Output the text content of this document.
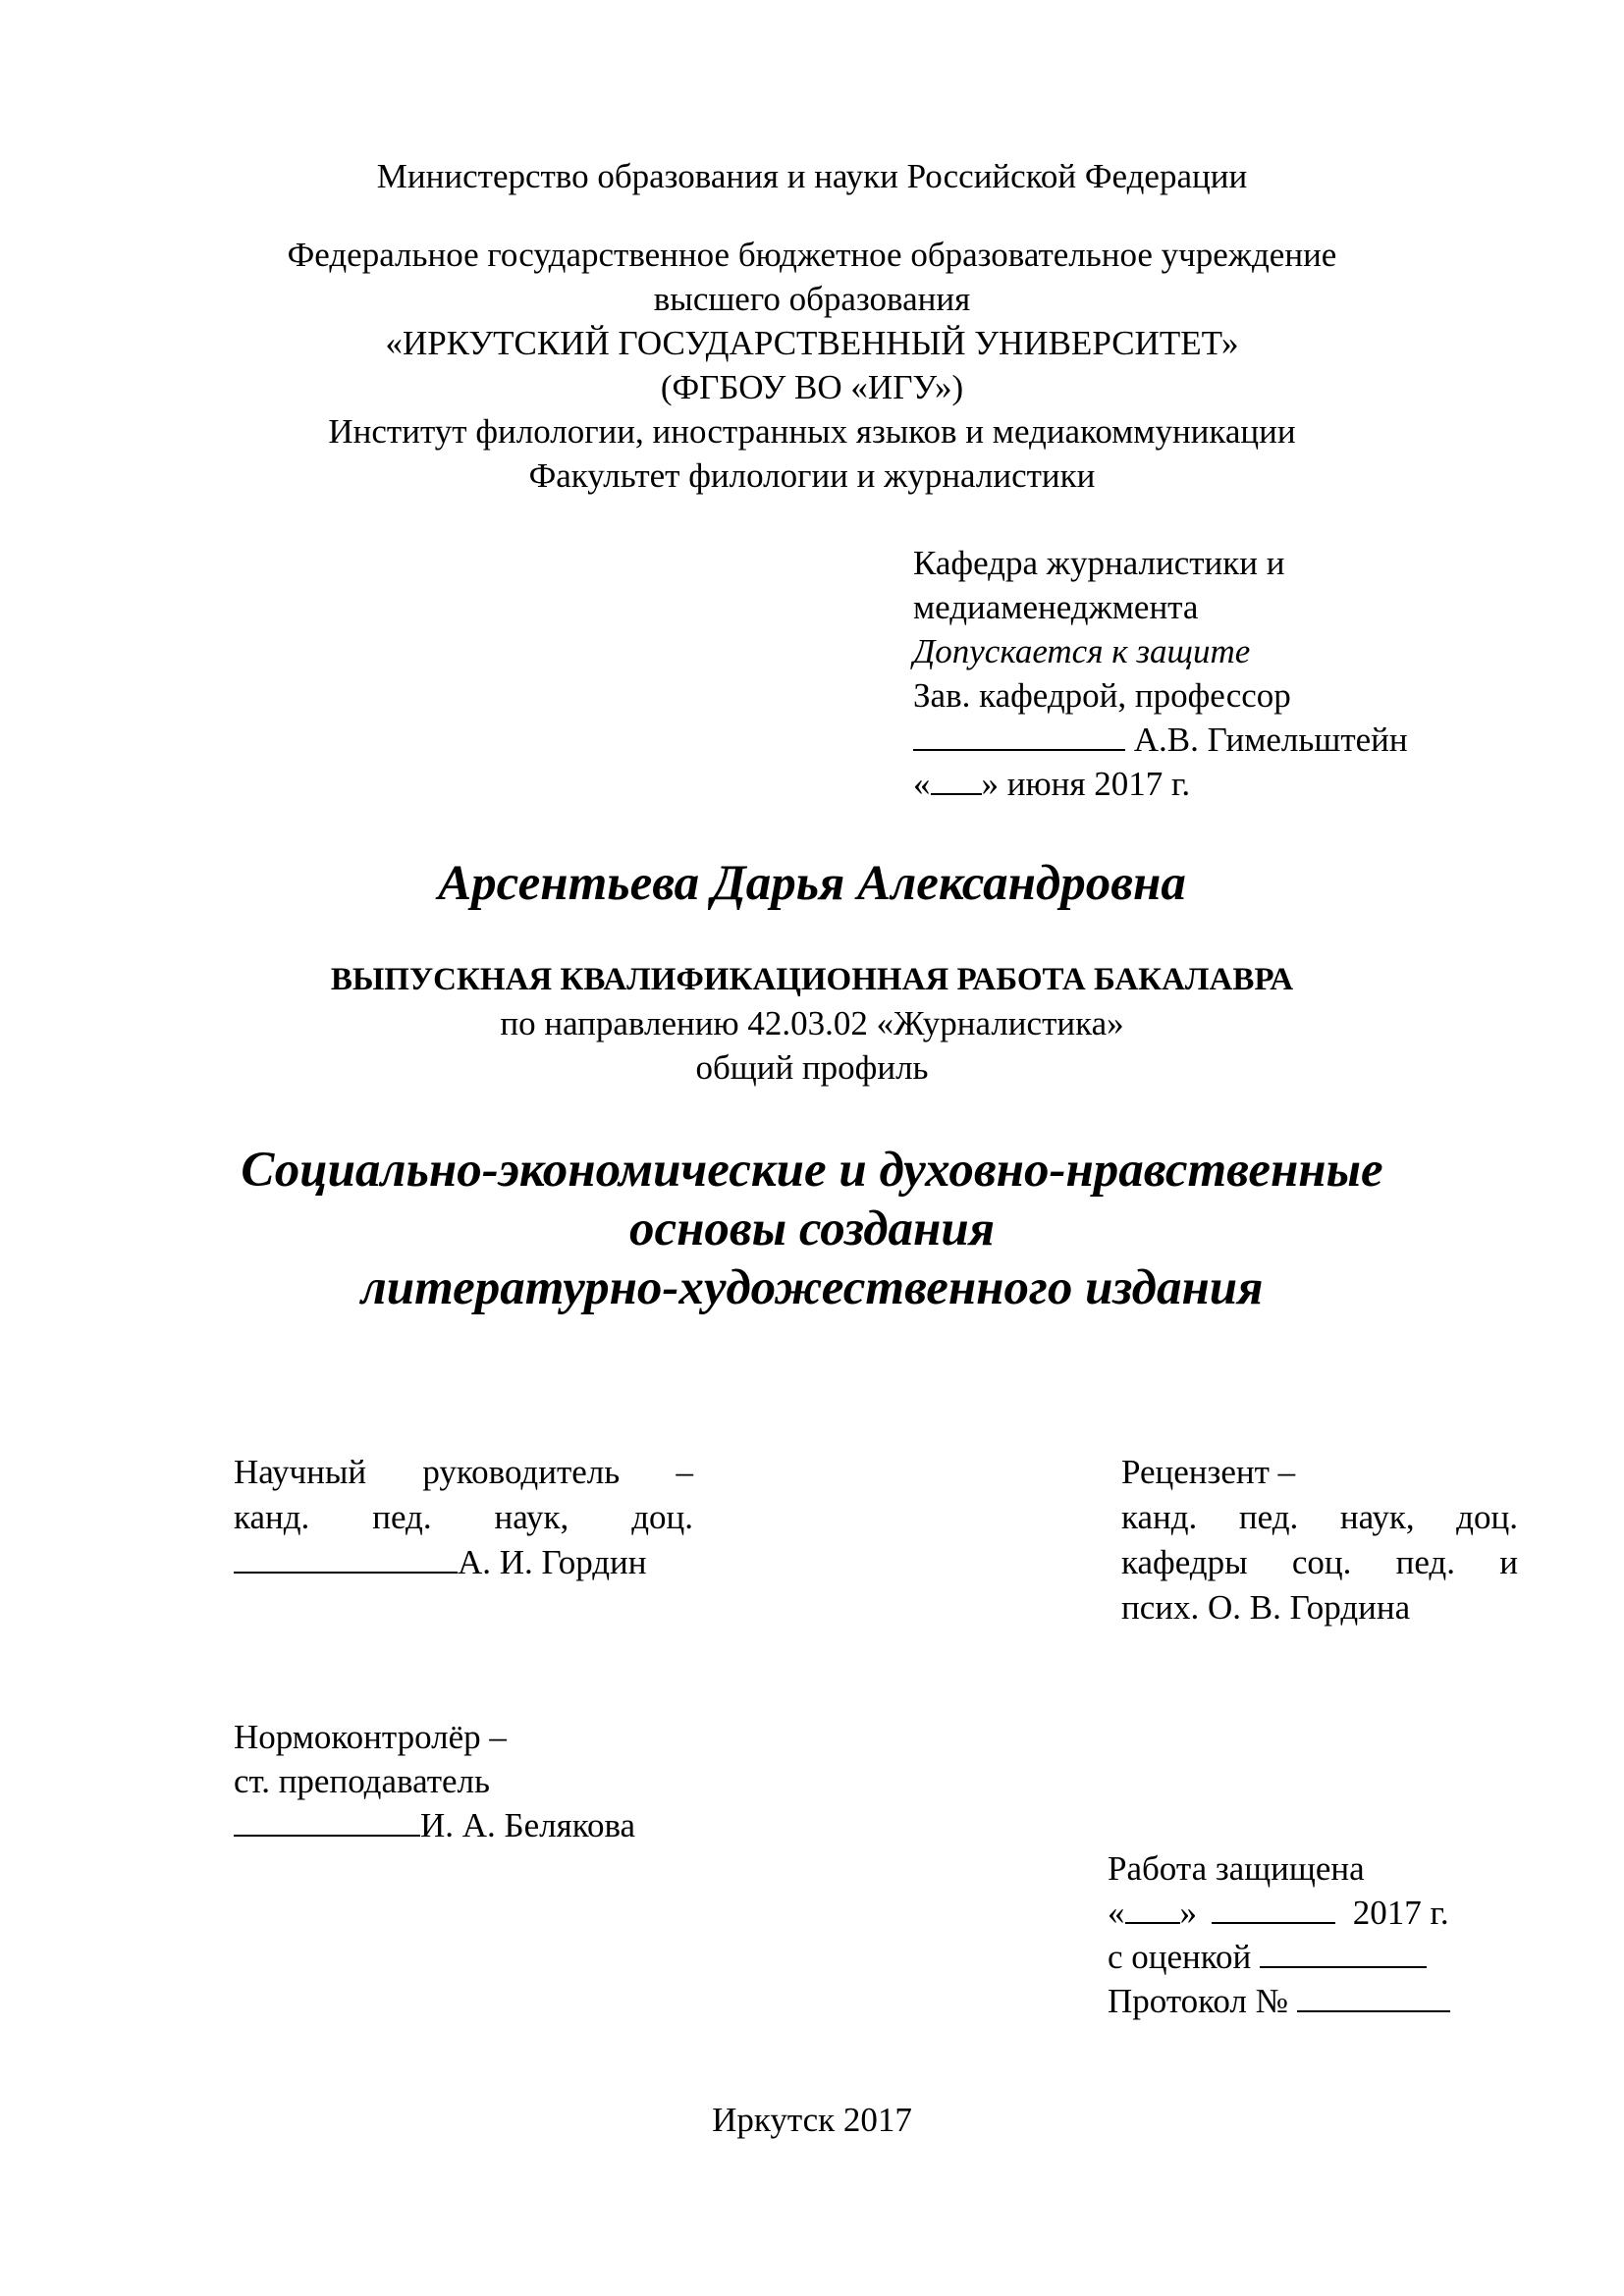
Министерство образования и науки Российской Федерации
Федеральное государственное бюджетное образовательное учреждение
высшего образования
«ИРКУТСКИЙ ГОСУДАРСТВЕННЫЙ УНИВЕРСИТЕТ»
(ФГБОУ ВО «ИГУ»)
Институт филологии, иностранных языков и медиакоммуникации
Факультет филологии и журналистики
Кафедра журналистики и
медиаменеджмента
Допускается к защите
Зав. кафедрой, профессор
А.В. Гимельштейн
« » июня 2017 г.
Арсентьева Дарья Александровна
ВЫПУСКНАЯ КВАЛИФИКАЦИОННАЯ РАБОТА БАКАЛАВРА
по направлению 42.03.02 «Журналистика»
общий профиль
Социально-экономические и духовно-нравственные
основы создания
литературно-художественного издания
Научный руководитель –
канд. пед. наук, доц.
А. И. Гордин
Рецензент –
канд. пед. наук, доц.
кафедры соц. пед. и
псих. О. В. Гордина
Нормоконтролёр –
ст. преподаватель
И. А. Белякова
Работа защищена
« »	2017 г.
с оценкой
Протокол №
Иркутск 2017
